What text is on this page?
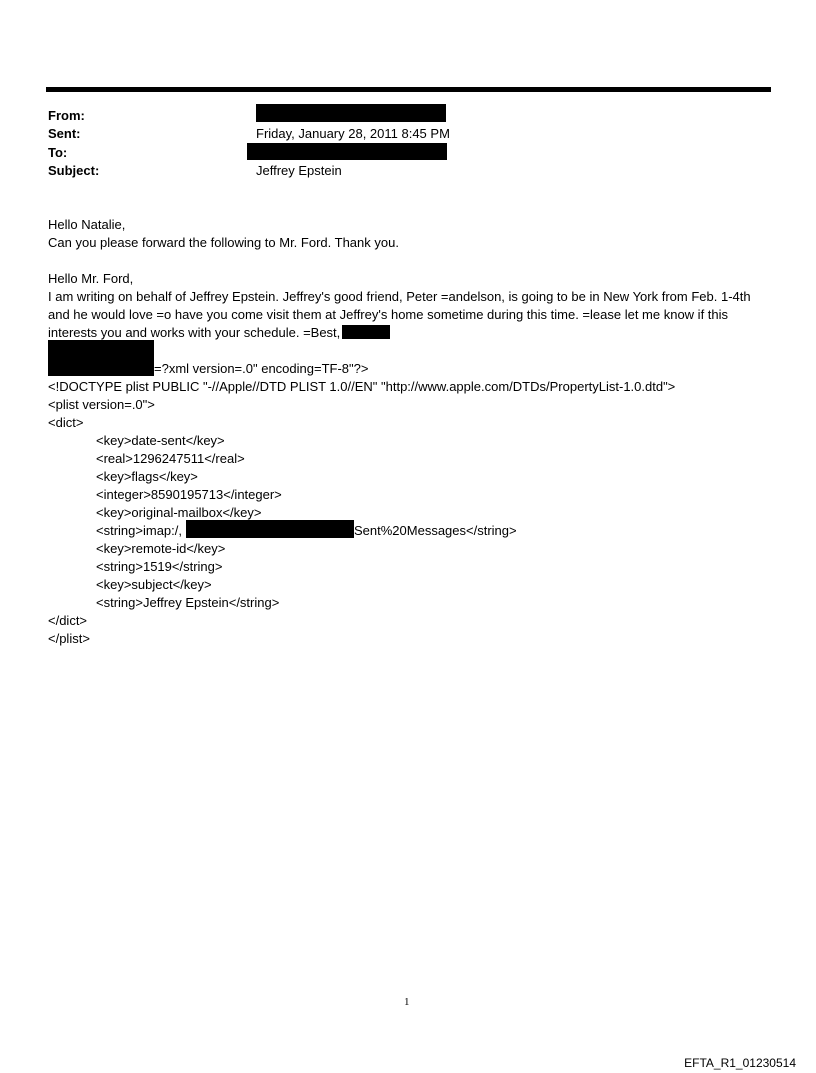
From:
Sent:	Friday, January 28, 2011 8:45 PM
To:
Subject:	Jeffrey Epstein
Hello Natalie,
Can you please forward the following to Mr. Ford. Thank you.
Hello Mr. Ford,
I am writing on behalf of Jeffrey Epstein. Jeffrey's good friend, Peter =andelson, is going to be in New York from Feb. 1-4th and he would love =o have you come visit them at Jeffrey's home sometime during this time. =lease let me know if this interests you and works with your schedule. =Best,
=?xml version=.0" encoding=TF-8"?>
<!DOCTYPE plist PUBLIC "-//Apple//DTD PLIST 1.0//EN" "http://www.apple.com/DTDs/PropertyList-1.0.dtd">
<plist version=.0">
<dict>
<key>date-sent</key>
<real>1296247511</real>
<key>flags</key>
<integer>8590195713</integer>
<key>original-mailbox</key>
<string>imap:/,	Sent%20Messages</string>
<key>remote-id</key>
<string>1519</string>
<key>subject</key>
<string>Jeffrey Epstein</string>
</dict>
</plist>
1
EFTA_R1_01230514
